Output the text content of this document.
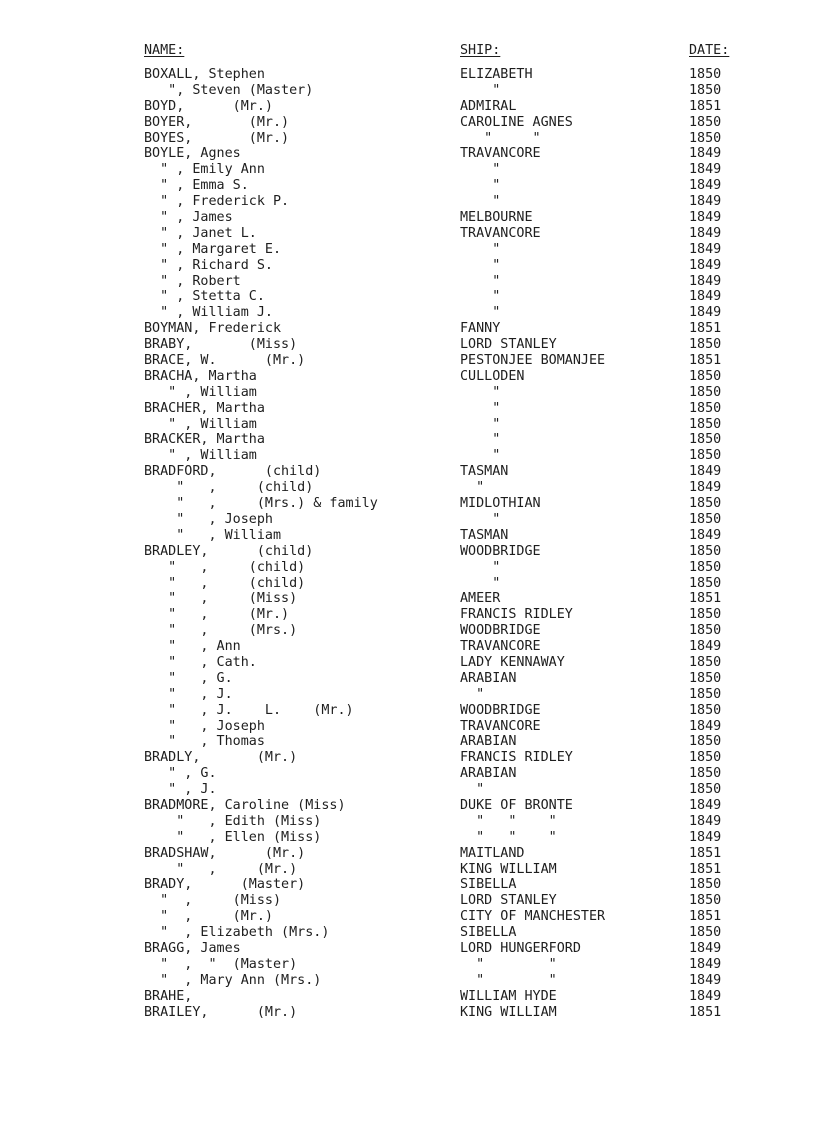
NAME:	SHIP:	DATE:
BOXALL, Stephen	ELIZABETH	1850
", Steven (Master)	"	1850
BOYD,      (Mr.)	ADMIRAL	1851
BOYER,       (Mr.)	CAROLINE AGNES	1850
BOYES,       (Mr.)	"     "	1850
BOYLE, Agnes	TRAVANCORE	1849
" , Emily Ann	"	1849
" , Emma S.	"	1849
" , Frederick P.	"	1849
" , James	MELBOURNE	1849
" , Janet L.	TRAVANCORE	1849
" , Margaret E.	"	1849
" , Richard S.	"	1849
" , Robert	"	1849
" , Stetta C.	"	1849
" , William J.	"	1849
BOYMAN, Frederick	FANNY	1851
BRABY,       (Miss)	LORD STANLEY	1850
BRACE, W.      (Mr.)	PESTONJEE BOMANJEE	1851
BRACHA, Martha	CULLODEN	1850
" , William	"	1850
BRACHER, Martha	"	1850
" , William	"	1850
BRACKER, Martha	"	1850
" , William	"	1850
BRADFORD,      (child)	TASMAN	1849
"   ,     (child)	"	1849
"   ,     (Mrs.) & family	MIDLOTHIAN	1850
"   , Joseph	"	1850
"   , William	TASMAN	1849
BRADLEY,      (child)	WOODBRIDGE	1850
"   ,     (child)	"	1850
"   ,     (child)	"	1850
"   ,     (Miss)	AMEER	1851
"   ,     (Mr.)	FRANCIS RIDLEY	1850
"   ,     (Mrs.)	WOODBRIDGE	1850
"   , Ann	TRAVANCORE	1849
"   , Cath.	LADY KENNAWAY	1850
"   , G.	ARABIAN	1850
"   , J.	"	1850
"   , J.    L.    (Mr.)	WOODBRIDGE	1850
"   , Joseph	TRAVANCORE	1849
"   , Thomas	ARABIAN	1850
BRADLY,       (Mr.)	FRANCIS RIDLEY	1850
" , G.	ARABIAN	1850
" , J.	"	1850
BRADMORE, Caroline (Miss)	DUKE OF BRONTE	1849
"   , Edith (Miss)	"   "    "	1849
"   , Ellen (Miss)	"   "    "	1849
BRADSHAW,      (Mr.)	MAITLAND	1851
"   ,     (Mr.)	KING WILLIAM	1851
BRADY,      (Master)	SIBELLA	1850
"  ,     (Miss)	LORD STANLEY	1850
"  ,     (Mr.)	CITY OF MANCHESTER	1851
"  , Elizabeth (Mrs.)	SIBELLA	1850
BRAGG, James	LORD HUNGERFORD	1849
"  ,  "  (Master)	"        "	1849
"  , Mary Ann (Mrs.)	"        "	1849
BRAHE,	WILLIAM HYDE	1849
BRAILEY,      (Mr.)	KING WILLIAM	1851
